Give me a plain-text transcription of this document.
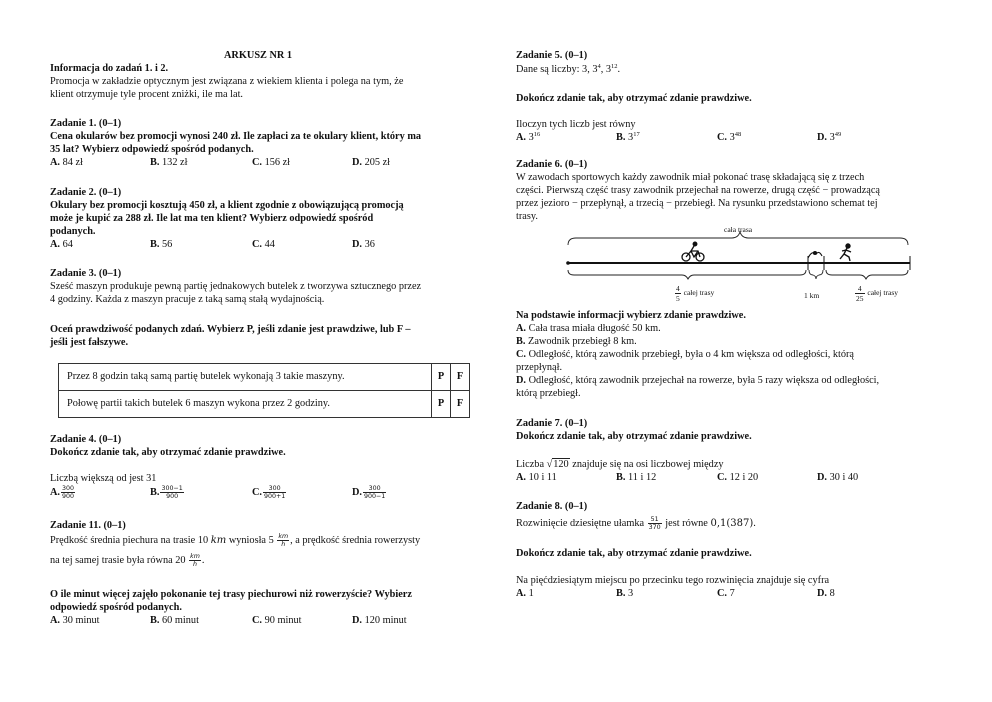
ARKUSZ NR 1
Informacja do zadań 1. i 2.
Promocja w zakładzie optycznym jest związana z wiekiem klienta i polega na tym, że
klient otrzymuje tyle procent zniżki, ile ma lat.
Zadanie 1. (0–1)
Cena okularów bez promocji wynosi 240 zł. Ile zapłaci za te okulary klient, który ma
35 lat? Wybierz odpowiedź spośród podanych.
A. 84 zł	B. 132 zł	C. 156 zł	D. 205 zł
Zadanie 2. (0–1)
Okulary bez promocji kosztują 450 zł, a klient zgodnie z obowiązującą promocją
może je kupić za 288 zł. Ile lat ma ten klient? Wybierz odpowiedź spośród
podanych.
A. 64	B. 56	C. 44	D. 36
Zadanie 3. (0–1)
Sześć maszyn produkuje pewną partię jednakowych butelek z tworzywa sztucznego przez
4 godziny. Każda z maszyn pracuje z taką samą stałą wydajnością.
Oceń prawdziwość podanych zdań. Wybierz P, jeśli zdanie jest prawdziwe, lub F –
jeśli jest fałszywe.
Przez 8 godzin taką samą partię butelek wykonają 3 takie maszyny.	P	F
Połowę partii takich butelek 6 maszyn wykona przez 2 godziny.	P	F
Zadanie 4. (0–1)
Dokończ zdanie tak, aby otrzymać zdanie prawdziwe.
Liczbą większą od jest 31
A. $\frac{300}{900}$	B. $\frac{300-1}{900}$	C. $\frac{300}{900+1}$	D. $\frac{300}{900-1}$
Zadanie 11. (0–1)
Prędkość średnia piechura na trasie 10 km wyniosła $5 \frac{km}{h}$ , a prędkość średnia rowerzysty
na tej samej trasie była równa $20 \frac{km}{h}$ .
O ile minut więcej zajęło pokonanie tej trasy piechurowi niż rowerzyście? Wybierz
odpowiedź spośród podanych.
A. 30 minut	B. 60 minut	C. 90 minut	D. 120 minut
Zadanie 5. (0–1)
Dane są liczby: 3, $3^4$, $3^{12}$.
Dokończ zdanie tak, aby otrzymać zdanie prawdziwe.
Iloczyn tych liczb jest równy
A. $3^{16}$	B. $3^{17}$	C. $3^{48}$	D. $3^{49}$
Zadanie 6. (0–1)
W zawodach sportowych każdy zawodnik miał pokonać trasę składającą się z trzech
części. Pierwszą część trasy zawodnik przejechał na rowerze, drugą część − prowadzącą
przez jezioro − przepłynął, a trzecią − przebiegł. Na rysunku przedstawiono schemat tej
trasy.
cała trasa
$\frac{4}{5}$ całej trasy	1 km	$\frac{4}{25}$ całej trasy
Na podstawie informacji wybierz zdanie prawdziwe.
A. Cała trasa miała długość 50 km.
B. Zawodnik przebiegł 8 km.
C. Odległość, którą zawodnik przebiegł, była o 4 km większa od odległości, którą
przepłynął.
D. Odległość, którą zawodnik przejechał na rowerze, była 5 razy większa od odległości,
którą przebiegł.
Zadanie 7. (0–1)
Dokończ zdanie tak, aby otrzymać zdanie prawdziwe.
Liczba √120 znajduje się na osi liczbowej między
A. 10 i 11	B. 11 i 12	C. 12 i 20	D. 30 i 40
Zadanie 8. (0–1)
Rozwinięcie dziesiętne ułamka $\frac{51}{370}$ jest równe 0,1(387).
Dokończ zdanie tak, aby otrzymać zdanie prawdziwe.
Na pięćdziesiątym miejscu po przecinku tego rozwinięcia znajduje się cyfra
A. 1	B. 3	C. 7	D. 8
